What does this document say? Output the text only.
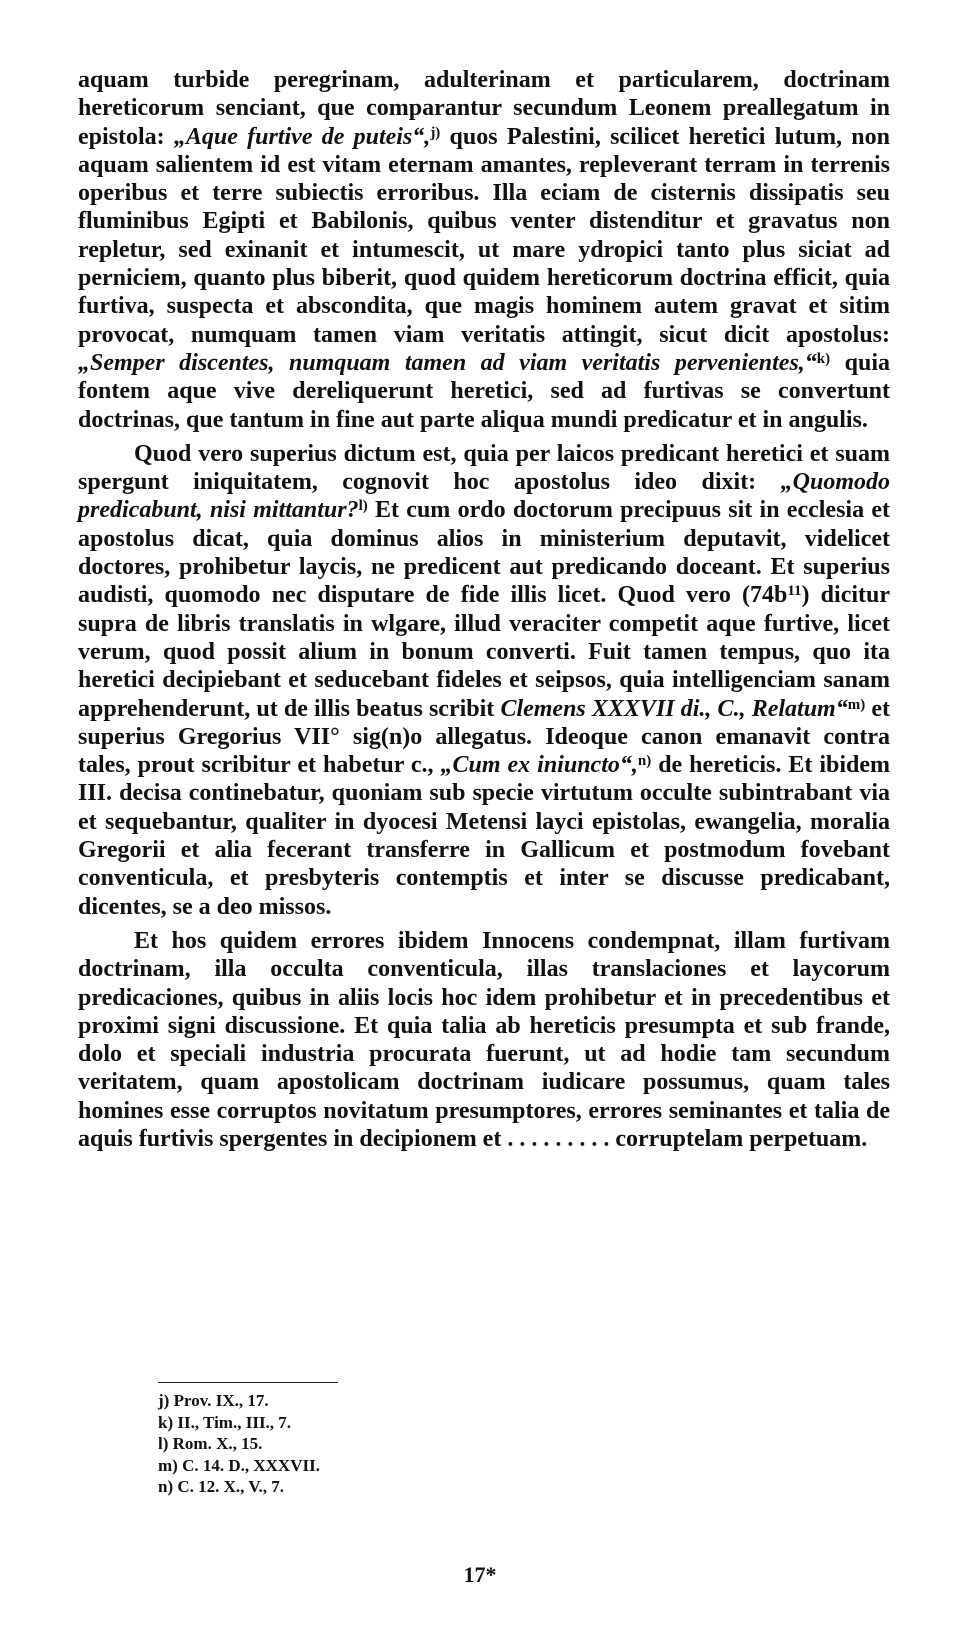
aquam turbide peregrinam, adulterinam et particularem, doctrinam hereticorum senciant, que comparantur secundum Leonem preallegatum in epistola: „Aque furtive de puteis“,$^{j)}$ quos Palestini, scilicet heretici lutum, non aquam salientem id est vitam eternam amantes, repleverant terram in terrenis operibus et terre subiectis erroribus. Illa eciam de cisternis dissipatis seu fluminibus Egipti et Babilonis, quibus venter distenditur et gravatus non repletur, sed exinanit et intumescit, ut mare ydropici tanto plus siciat ad perniciem, quanto plus biberit, quod quidem hereticorum doctrina efficit, quia furtiva, suspecta et abscondita, que magis hominem autem gravat et sitim provocat, numquam tamen viam veritatis attingit, sicut dicit apostolus: „Semper discentes, numquam tamen ad viam veritatis pervenientes,“$^{k)}$ quia fontem aque vive dereliquerunt heretici, sed ad furtivas se convertunt doctrinas, que tantum in fine aut parte aliqua mundi predicatur et in angulis.

Quod vero superius dictum est, quia per laicos predicant heretici et suam spergunt iniquitatem, cognovit hoc apostolus ideo dixit: „Quomodo predicabunt, nisi mittantur?$^{l)}$ Et cum ordo doctorum precipuus sit in ecclesia et apostolus dicat, quia dominus alios in ministerium deputavit, videlicet doctores, prohibetur laycis, ne predicent aut predicando doceant. Et superius audisti, quomodo nec disputare de fide illis licet. Quod vero (74b$^{11}$) dicitur supra de libris translatis in wlgare, illud veraciter competit aque furtive, licet verum, quod possit alium in bonum converti. Fuit tamen tempus, quo ita heretici decipiebant et seducebant fideles et seipsos, quia intelligenciam sanam apprehenderunt, ut de illis beatus scribit Clemens XXXVII di., C., Relatum“$^{m)}$ et superius Gregorius VII° sig(n)o allegatus. Ideoque canon emanavit contra tales, prout scribitur et habetur c., „Cum ex iniuncto“,$^{n)}$ de hereticis. Et ibidem III. decisa continebatur, quoniam sub specie virtutum occulte subintrabant via et sequebantur, qualiter in dyocesi Metensi layci epistolas, ewangelia, moralia Gregorii et alia fecerant transferre in Gallicum et postmodum fovebant conventicula, et presbyteris contemptis et inter se discusse predicabant, dicentes, se a deo missos.

Et hos quidem errores ibidem Innocens condempnat, illam furtivam doctrinam, illa occulta conventicula, illas translaciones et laycorum predicaciones, quibus in aliis locis hoc idem prohibetur et in precedentibus et proximi signi discussione. Et quia talia ab hereticis presumpta et sub frande, dolo et speciali industria procurata fuerunt, ut ad hodie tam secundum veritatem, quam apostolicam doctrinam iudicare possumus, quam tales homines esse corruptos novitatum presumptores, errores seminantes et talia de aquis furtivis spergentes in decipionem et . . . . . . . . . corruptelam perpetuam.

j) Prov. IX., 17.
k) II., Tim., III., 7.
l) Rom. X., 15.
m) C. 14. D., XXXVII.
n) C. 12. X., V., 7.
17*
